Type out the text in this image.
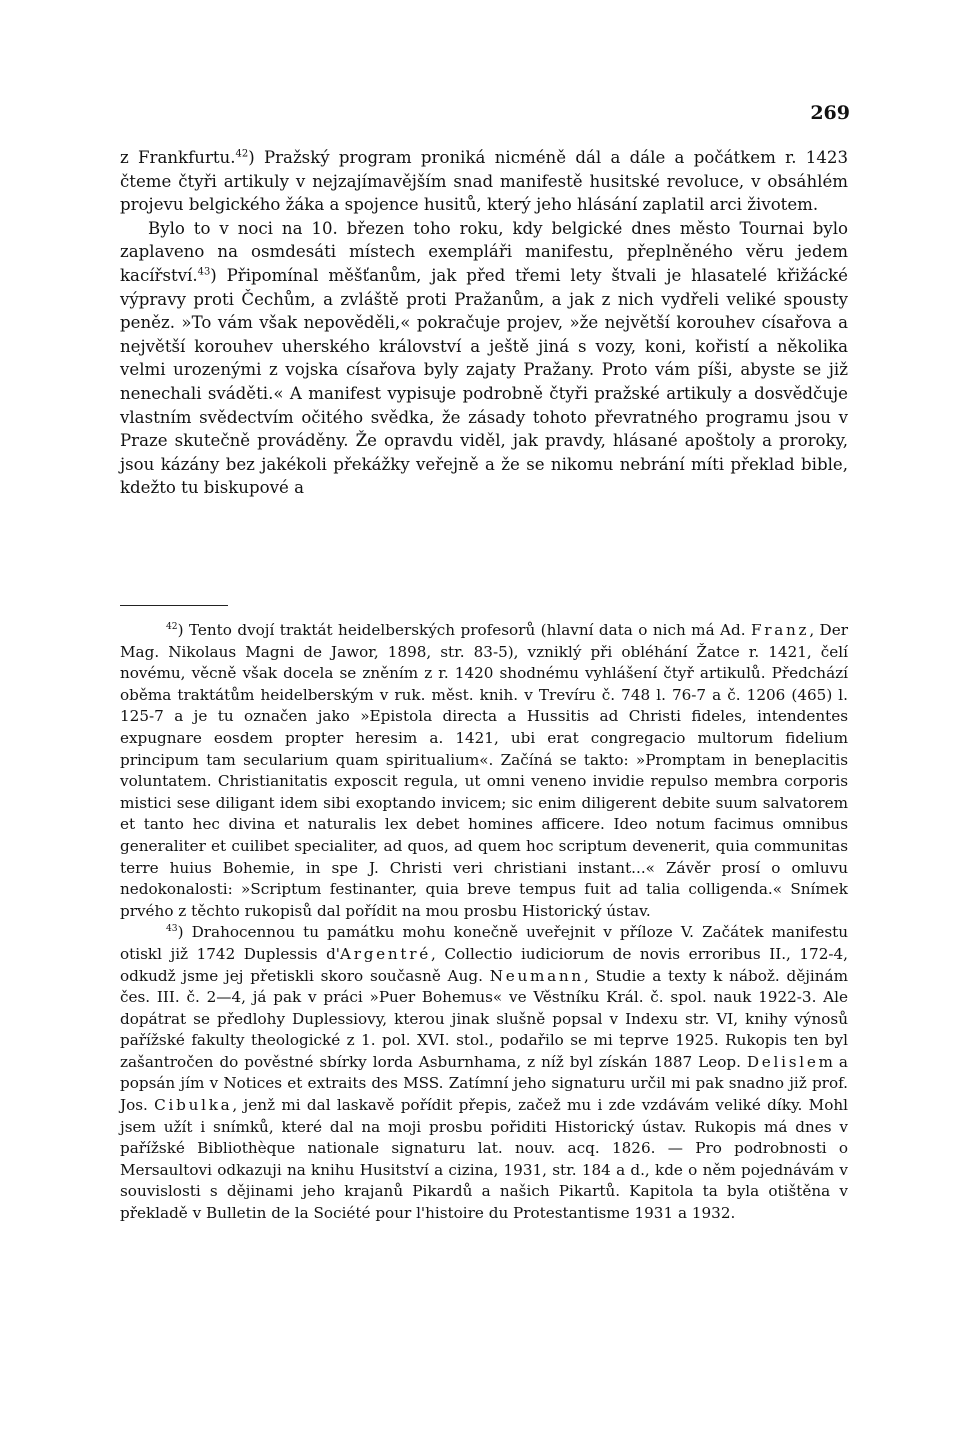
269

z Frankfurtu.$^{42}$) Pražský program proniká nicméně dál a dále a počátkem r. 1423 čteme čtyři artikuly v nejzajímavějším snad manifestě husitské revoluce, v obsáhlém projevu belgického žáka a spojence husitů, který jeho hlásání zaplatil arci životem.

Bylo to v noci na 10. březen toho roku, kdy belgické dnes město Tournai bylo zaplaveno na osmdesáti místech exempláři manifestu, přeplněného věru jedem kacířství.$^{43}$) Připomínal měšťanům, jak před třemi lety štvali je hlasatelé křižácké výpravy proti Čechům, a zvláště proti Pražanům, a jak z nich vydřeli veliké spousty peněz. »To vám však nepověděli,« pokračuje projev, »že největší korouhev císařova a největší korouhev uherského království a ještě jiná s vozy, koni, kořistí a několika velmi urozenými z vojska císařova byly zajaty Pražany. Proto vám píši, abyste se již nenechali sváděti.« A manifest vypisuje podrobně čtyři pražské artikuly a dosvědčuje vlastním svědectvím očitého svědka, že zásady tohoto převratného programu jsou v Praze skutečně prováděny. Že opravdu viděl, jak pravdy, hlásané apoštoly a proroky, jsou kázány bez jakékoli překážky veřejně a že se nikomu nebrání míti překlad bible, kdežto tu biskupové a

$^{42}$) Tento dvojí traktát heidelberských profesorů (hlavní data o nich má Ad. Franz, Der Mag. Nikolaus Magni de Jawor, 1898, str. 83-5), vzniklý při obléhání Žatce r. 1421, čelí novému, věcně však docela se zněním z r. 1420 shodnému vyhlášení čtyř artikulů. Předchází oběma traktátům heidelberským v ruk. měst. knih. v Trevíru č. 748 l. 76-7 a č. 1206 (465) l. 125-7 a je tu označen jako »Epistola directa a Hussitis ad Christi fideles, intendentes expugnare eosdem propter heresim a. 1421, ubi erat congregacio multorum fidelium principum tam secularium quam spiritualium«. Začíná se takto: »Promptam in beneplacitis voluntatem. Christianitatis exposcit regula, ut omni veneno invidie repulso membra corporis mistici sese diligant idem sibi exoptando invicem; sic enim diligerent debite suum salvatorem et tanto hec divina et naturalis lex debet homines afficere. Ideo notum facimus omnibus generaliter et cuilibet specialiter, ad quos, ad quem hoc scriptum devenerit, quia communitas terre huius Bohemie, in spe J. Christi veri christiani instant...« Závěr prosí o omluvu nedokonalosti: »Scriptum festinanter, quia breve tempus fuit ad talia colligenda.« Snímek prvého z těchto rukopisů dal pořídit na mou prosbu Historický ústav.

$^{43}$) Drahocennou tu památku mohu konečně uveřejnit v příloze V. Začátek manifestu otiskl již 1742 Duplessis d'Argentré, Collectio iudiciorum de novis erroribus II., 172-4, odkudž jsme jej přetiskli skoro současně Aug. Neumann, Studie a texty k nábož. dějinám čes. III. č. 2—4, já pak v práci »Puer Bohemus« ve Věstníku Král. č. spol. nauk 1922-3. Ale dopátrat se předlohy Duplessiovy, kterou jinak slušně popsal v Indexu str. VI, knihy výnosů pařížské fakulty theologické z 1. pol. XVI. stol., podařilo se mi teprve 1925. Rukopis ten byl zašantročen do pověstné sbírky lorda Asburnhama, z níž byl získán 1887 Leop. Delislem a popsán jím v Notices et extraits des MSS. Zatímní jeho signaturu určil mi pak snadno již prof. Jos. Cibulka, jenž mi dal laskavě pořídit přepis, začež mu i zde vzdávám veliké díky. Mohl jsem užít i snímků, které dal na moji prosbu pořiditi Historický ústav. Rukopis má dnes v pařížské Bibliothèque nationale signaturu lat. nouv. acq. 1826. — Pro podrobnosti o Mersaultovi odkazuji na knihu Husitství a cizina, 1931, str. 184 a d., kde o něm pojednávám v souvislosti s dějinami jeho krajanů Pikardů a našich Pikartů. Kapitola ta byla otištěna v překladě v Bulletin de la Société pour l'histoire du Protestantisme 1931 a 1932.
